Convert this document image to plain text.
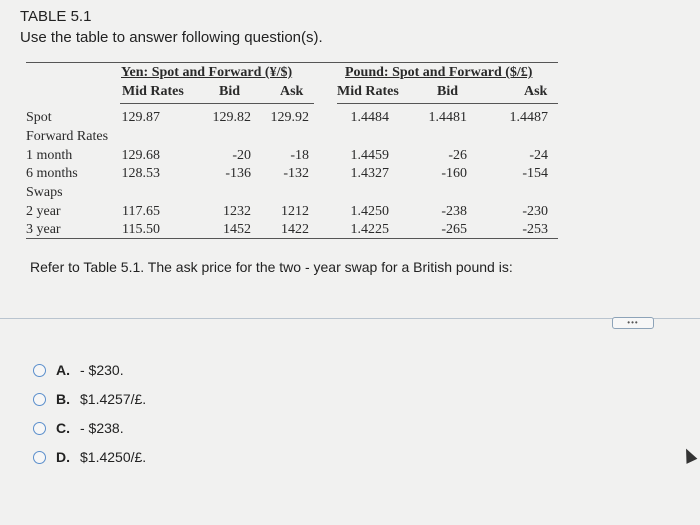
TABLE 5.1
Use the table to answer following question(s).
Yen: Spot and Forward (¥/$)	Pound: Spot and Forward ($/£)
Mid Rates	Bid	Ask Mid Rates	Bid	Ask
Spot	129.87	129.82 129.92	1.4484	1.4481	1.4487
Forward Rates
1 month	129.68	-20	-18	1.4459	-26	-24
6 months	128.53	-136 -132	1.4327	-160	-154
Swaps
2 year	117.65	1232 1212	1.4250	-238	-230
3 year	115.50	1452 1422	1.4225	-265	-253
Refer to Table 5.1. The ask price for the two - year swap for a British pound is:
•••
A. - $230.
B. $1.4257/£.
C. - $238.
D. $1.4250/£.
